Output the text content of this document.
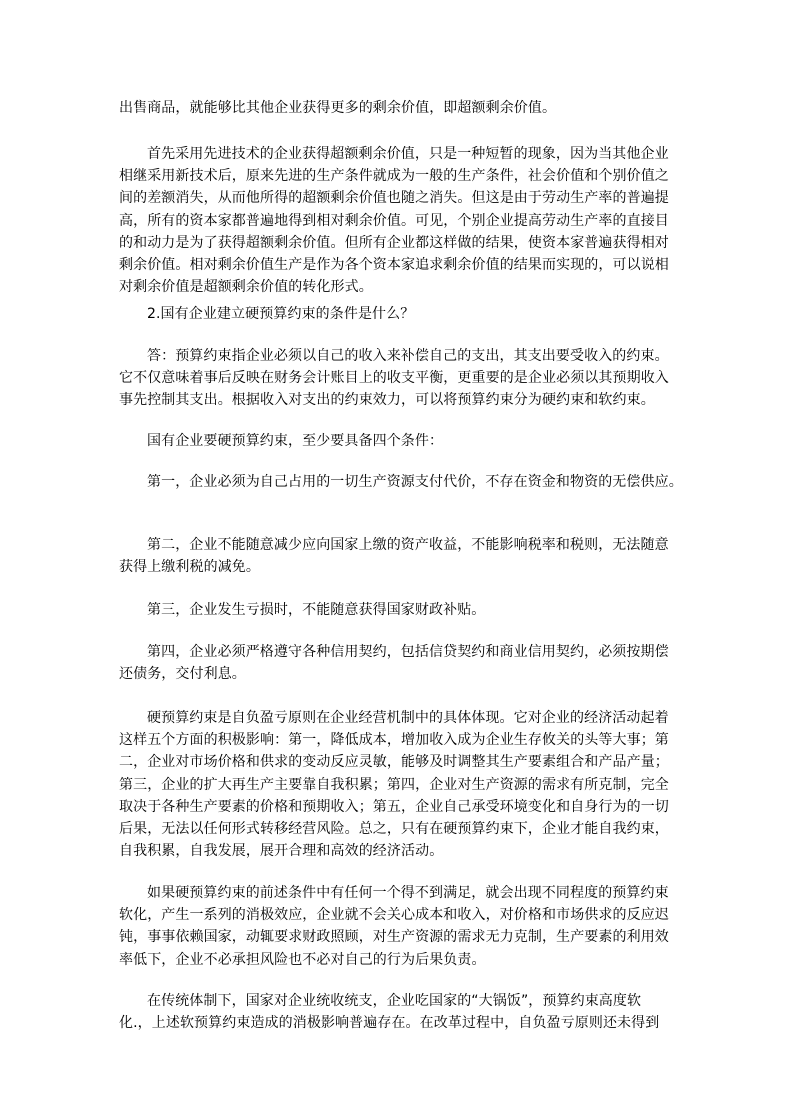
出售商品，就能够比其他企业获得更多的剩余价值，即超额剩余价值。
首先采用先进技术的企业获得超额剩余价值，只是一种短暂的现象，因为当其他企业
相继采用新技术后，原来先进的生产条件就成为一般的生产条件，社会价值和个别价值之
间的差额消失，从而他所得的超额剩余价值也随之消失。但这是由于劳动生产率的普遍提
高，所有的资本家都普遍地得到相对剩余价值。可见，个别企业提高劳动生产率的直接目
的和动力是为了获得超额剩余价值。但所有企业都这样做的结果，使资本家普遍获得相对
剩余价值。相对剩余价值生产是作为各个资本家追求剩余价值的结果而实现的，可以说相
对剩余价值是超额剩余价值的转化形式。
2.国有企业建立硬预算约束的条件是什么？
答：预算约束指企业必须以自己的收入来补偿自己的支出，其支出要受收入的约束。
它不仅意味着事后反映在财务会计账目上的收支平衡，更重要的是企业必须以其预期收入
事先控制其支出。根据收入对支出的约束效力，可以将预算约束分为硬约束和软约束。
国有企业要硬预算约束，至少要具备四个条件：
第一，企业必须为自己占用的一切生产资源支付代价，不存在资金和物资的无偿供应。
第二，企业不能随意减少应向国家上缴的资产收益，不能影响税率和税则，无法随意
获得上缴利税的减免。
第三，企业发生亏损时，不能随意获得国家财政补贴。
第四，企业必须严格遵守各种信用契约，包括信贷契约和商业信用契约，必须按期偿
还债务，交付利息。
硬预算约束是自负盈亏原则在企业经营机制中的具体体现。它对企业的经济活动起着
这样五个方面的积极影响：第一，降低成本，增加收入成为企业生存攸关的头等大事；第
二，企业对市场价格和供求的变动反应灵敏，能够及时调整其生产要素组合和产品产量；
第三，企业的扩大再生产主要靠自我积累；第四，企业对生产资源的需求有所克制，完全
取决于各种生产要素的价格和预期收入；第五，企业自己承受环境变化和自身行为的一切
后果，无法以任何形式转移经营风险。总之，只有在硬预算约束下，企业才能自我约束，
自我积累，自我发展，展开合理和高效的经济活动。
如果硬预算约束的前述条件中有任何一个得不到满足，就会出现不同程度的预算约束
软化，产生一系列的消极效应，企业就不会关心成本和收入，对价格和市场供求的反应迟
钝，事事依赖国家，动辄要求财政照顾，对生产资源的需求无力克制，生产要素的利用效
率低下，企业不必承担风险也不必对自己的行为后果负责。
在传统体制下，国家对企业统收统支，企业吃国家的“大锅饭”，预算约束高度软
化.，上述软预算约束造成的消极影响普遍存在。在改革过程中，自负盈亏原则还未得到
